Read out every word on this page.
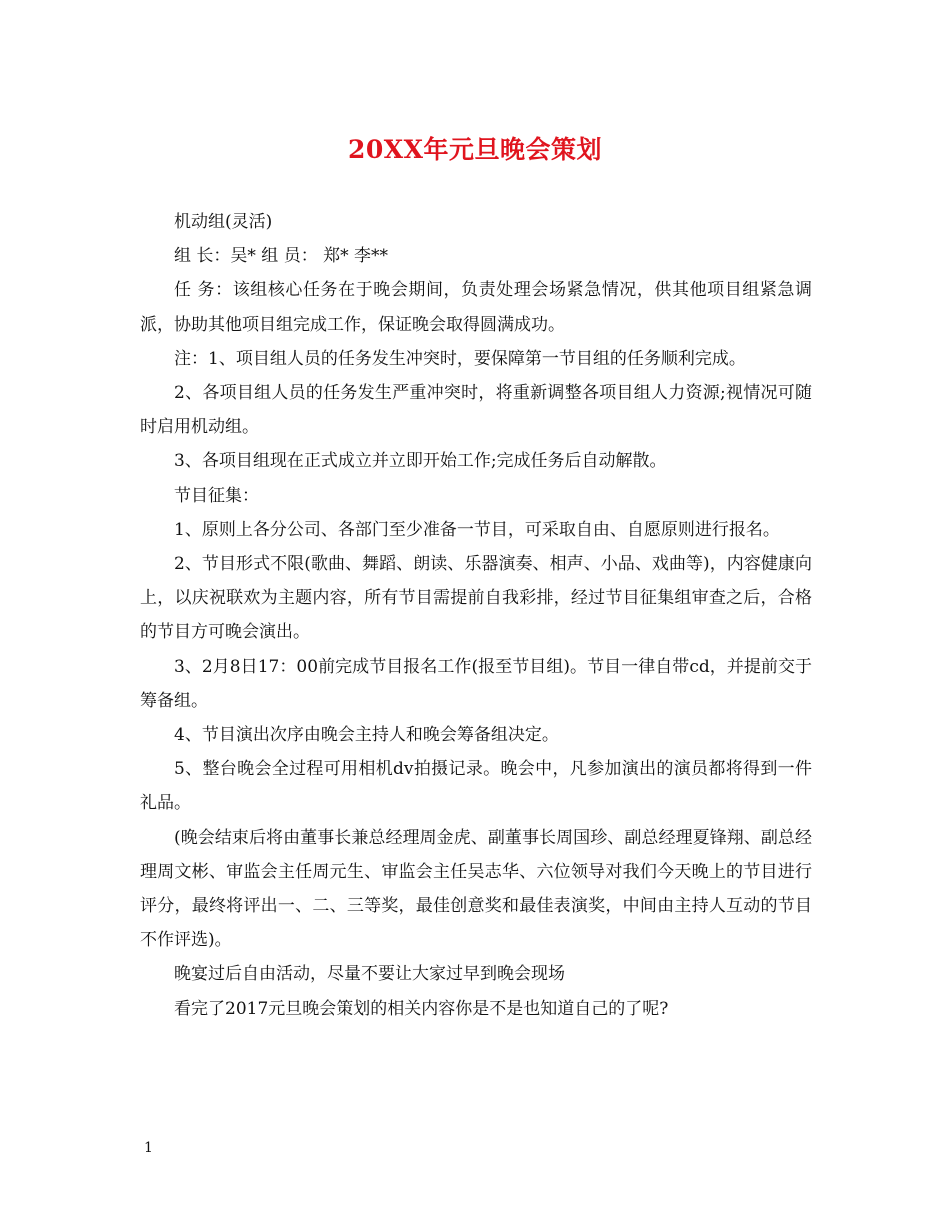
20XX年元旦晚会策划

机动组(灵活)

组 长：吴* 组 员： 郑* 李**

任 务：该组核心任务在于晚会期间，负责处理会场紧急情况，供其他项目组紧急调派，协助其他项目组完成工作，保证晚会取得圆满成功。

注：1、项目组人员的任务发生冲突时，要保障第一节目组的任务顺利完成。

2、各项目组人员的任务发生严重冲突时，将重新调整各项目组人力资源;视情况可随时启用机动组。

3、各项目组现在正式成立并立即开始工作;完成任务后自动解散。

节目征集：

1、原则上各分公司、各部门至少准备一节目，可采取自由、自愿原则进行报名。

2、节目形式不限(歌曲、舞蹈、朗读、乐器演奏、相声、小品、戏曲等)，内容健康向上，以庆祝联欢为主题内容，所有节目需提前自我彩排，经过节目征集组审查之后，合格的节目方可晚会演出。

3、2月8日17：00前完成节目报名工作(报至节目组)。节目一律自带cd，并提前交于筹备组。

4、节目演出次序由晚会主持人和晚会筹备组决定。

5、整台晚会全过程可用相机dv拍摄记录。晚会中，凡参加演出的演员都将得到一件礼品。

(晚会结束后将由董事长兼总经理周金虎、副董事长周国珍、副总经理夏锋翔、副总经理周文彬、审监会主任周元生、审监会主任吴志华、六位领导对我们今天晚上的节目进行评分，最终将评出一、二、三等奖，最佳创意奖和最佳表演奖，中间由主持人互动的节目不作评选)。

晚宴过后自由活动，尽量不要让大家过早到晚会现场

看完了2017元旦晚会策划的相关内容你是不是也知道自己的了呢?

1
